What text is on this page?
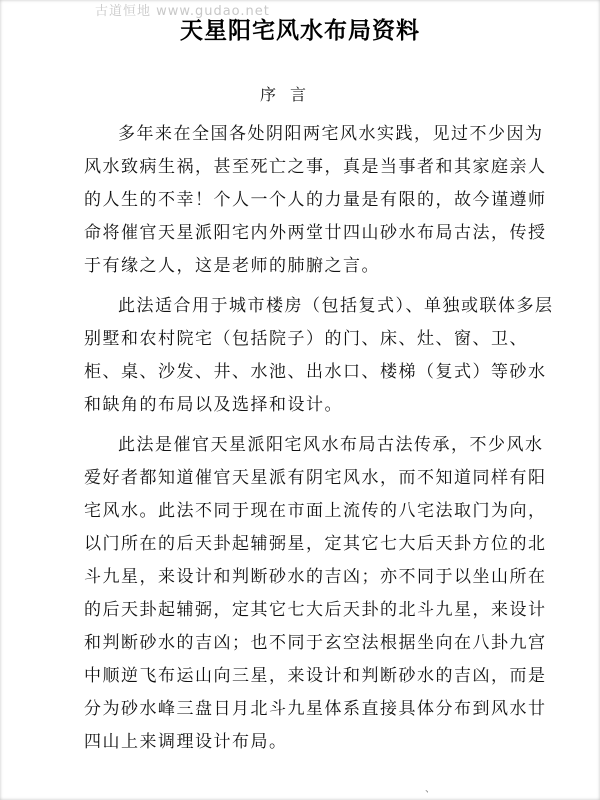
古道恒地 www.gudao.net
天星阳宅风水布局资料
序言

多年来在全国各处阴阳两宅风水实践，见过不少因为风水致病生祸，甚至死亡之事，真是当事者和其家庭亲人的人生的不幸！个人一个人的力量是有限的，故今谨遵师命将催官天星派阳宅内外两堂廿四山砂水布局古法，传授于有缘之人，这是老师的肺腑之言。

此法适合用于城市楼房（包括复式）、单独或联体多层别墅和农村院宅（包括院子）的门、床、灶、窗、卫、柜、桌、沙发、井、水池、出水口、楼梯（复式）等砂水和缺角的布局以及选择和设计。

此法是催官天星派阳宅风水布局古法传承，不少风水爱好者都知道催官天星派有阴宅风水，而不知道同样有阳宅风水。此法不同于现在市面上流传的八宅法取门为向，以门所在的后天卦起辅弼星，定其它七大后天卦方位的北斗九星，来设计和判断砂水的吉凶；亦不同于以坐山所在的后天卦起辅弼，定其它七大后天卦的北斗九星，来设计和判断砂水的吉凶；也不同于玄空法根据坐向在八卦九宫中顺逆飞布运山向三星，来设计和判断砂水的吉凶，而是分为砂水峰三盘日月北斗九星体系直接具体分布到风水廿四山上来调理设计布局。

、
